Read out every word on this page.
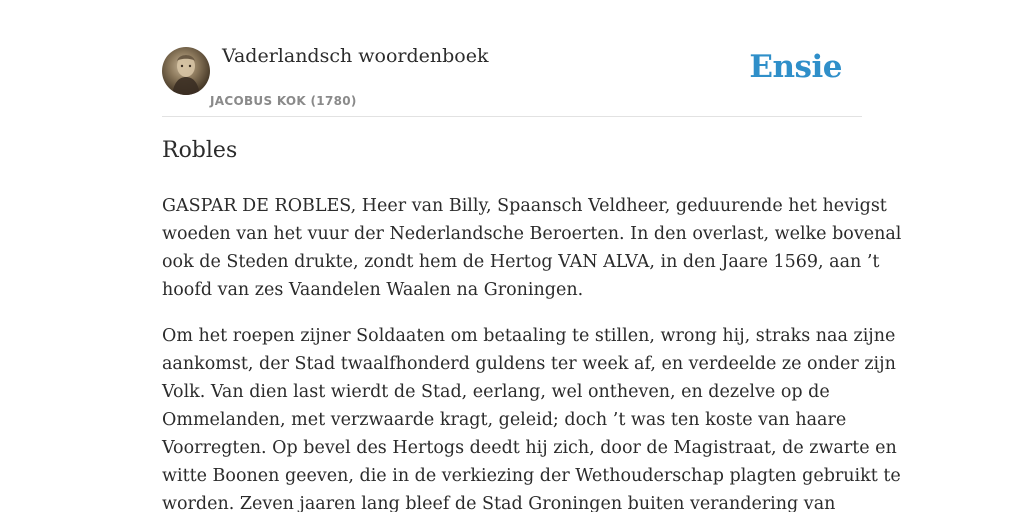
Vaderlandsch woordenboek
JACOBUS KOK (1780)
Ensie
Robles

GASPAR DE ROBLES, Heer van Billy, Spaansch Veldheer, geduurende het hevigst
woeden van het vuur der Nederlandsche Beroerten. In den overlast, welke bovenal
ook de Steden drukte, zondt hem de Hertog VAN ALVA, in den Jaare 1569, aan ’t
hoofd van zes Vaandelen Waalen na Groningen.

Om het roepen zijner Soldaaten om betaaling te stillen, wrong hij, straks naa zijne
aankomst, der Stad twaalfhonderd guldens ter week af, en verdeelde ze onder zijn
Volk. Van dien last wierdt de Stad, eerlang, wel ontheven, en dezelve op de
Ommelanden, met verzwaarde kragt, geleid; doch ’t was ten koste van haare
Voorregten. Op bevel des Hertogs deedt hij zich, door de Magistraat, de zwarte en
witte Boonen geeven, die in de verkiezing der Wethouderschap plagten gebruikt te
worden. Zeven jaaren lang bleef de Stad Groningen buiten verandering van
